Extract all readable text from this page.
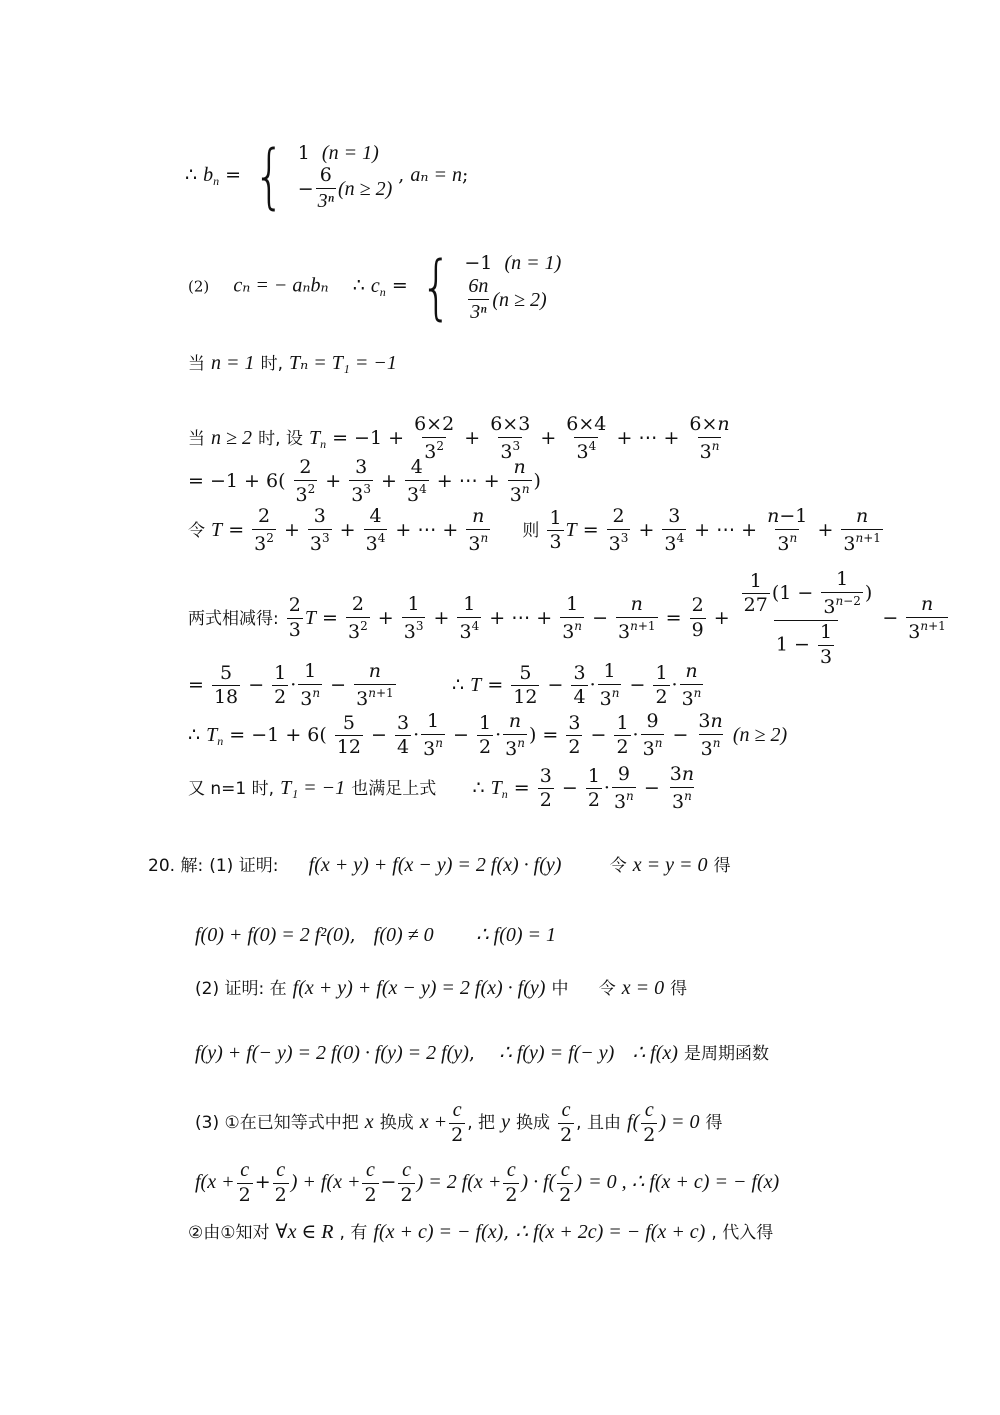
∴ $b_n$ = { 1
(n = 1)
− $\frac{6}{\text{3ⁿ}} (n \ge 2)$
, aₙ = n;
(2) cₙ = − aₙbₙ    ∴ $c_n$ = { −1
(n = 1)
$\frac{6n}{\text{3ⁿ}} (n \ge 2)$
当 n = 1 时, Tₙ = T₁ = −1
当 n ≥ 2 时, 设 $T_n = -1 + \frac{6\times 2}{3^2} + \frac{6\times 3}{3^3} + \frac{6\times 4}{3^4}$ + ⋯ + $\frac{6\times n}{3^n}$
= $-1 + 6( \frac{2}{3^2} + \frac{3}{3^3} + \frac{4}{3^4}$ + ⋯ + $\frac{n}{3^n}$ )
令 $T = \frac{2}{3^2} + \frac{3}{3^3} + \frac{4}{3^4}$ + ⋯ + $\frac{n}{3^n}$ 则 $\frac{1}{3}$ $T = \frac{2}{3^3} + \frac{3}{3^4}$ + ⋯ + $\frac{n-1}{3^n} + \frac{n}{3^{n+1}}$
两式相减得: $\frac{2}{3}$ $T = \frac{2}{3^2} + \frac{1}{3^3} + \frac{1}{3^4}$ + ⋯ + $\frac{1}{3^n} - \frac{n}{3^{n+1}} = \frac{2}{9} + \frac{\frac{1}{27} (1 - \frac{1}{3^{n-2}} )}{1 - \frac{1}{3}} - \frac{n}{3^{n+1}}$
= $\frac{5}{18} - \frac{1}{2} \cdot \frac{1}{3^n} - \frac{n}{3^{n+1}}$	∴ $T = \frac{5}{12} - \frac{3}{4} \cdot \frac{1}{3^n} - \frac{1}{2} \cdot \frac{n}{3^n}$
∴ $T_n = -1 + 6( \frac{5}{12} - \frac{3}{4} \cdot \frac{1}{3^n} - \frac{1}{2} \cdot \frac{n}{3^n}$ ) = $\frac{3}{2} - \frac{1}{2} \cdot \frac{9}{3^n} - \frac{3n}{3^n} (n \ge 2)$
又 n=1 时, T₁ = −1 也满足上式      ∴ $T_n = \frac{3}{2} - \frac{1}{2} \cdot \frac{9}{3^n} - \frac{3n}{3^n}$
20. 解: (1) 证明: f(x + y) + f(x − y) = 2 f(x) · f(y)	令 x = y = 0 得
f(0) + f(0) = 2 f²(0),   f(0) ≠ 0 ∴ f(0) = 1
(2) 证明: 在 f(x + y) + f(x − y) = 2 f(x) · f(y) 中 令 x = 0 得
f(y) + f(− y) = 2 f(0) · f(y) = 2 f(y),    ∴ f(y) = f(− y) ∴ f(x) 是周期函数
(3) ①在已知等式中把 x 换成 $x + \frac{c}{2}$ , 把 y 换成 $\frac{c}{2}$ , 且由 $f( \frac{c}{2}$ ) = 0 得
$f(x + \frac{c}{2} + \frac{c}{2}$ ) + $f(x + \frac{c}{2} - \frac{c}{2}$ ) = 2 $f(x + \frac{c}{2}$ ) · $f( \frac{c}{2}$ ) = 0 , ∴ f(x + c) = − f(x)
②由①知对 ∀x ∈ R , 有 f(x + c) = − f(x), ∴ f(x + 2c) = − f(x + c) , 代入得
